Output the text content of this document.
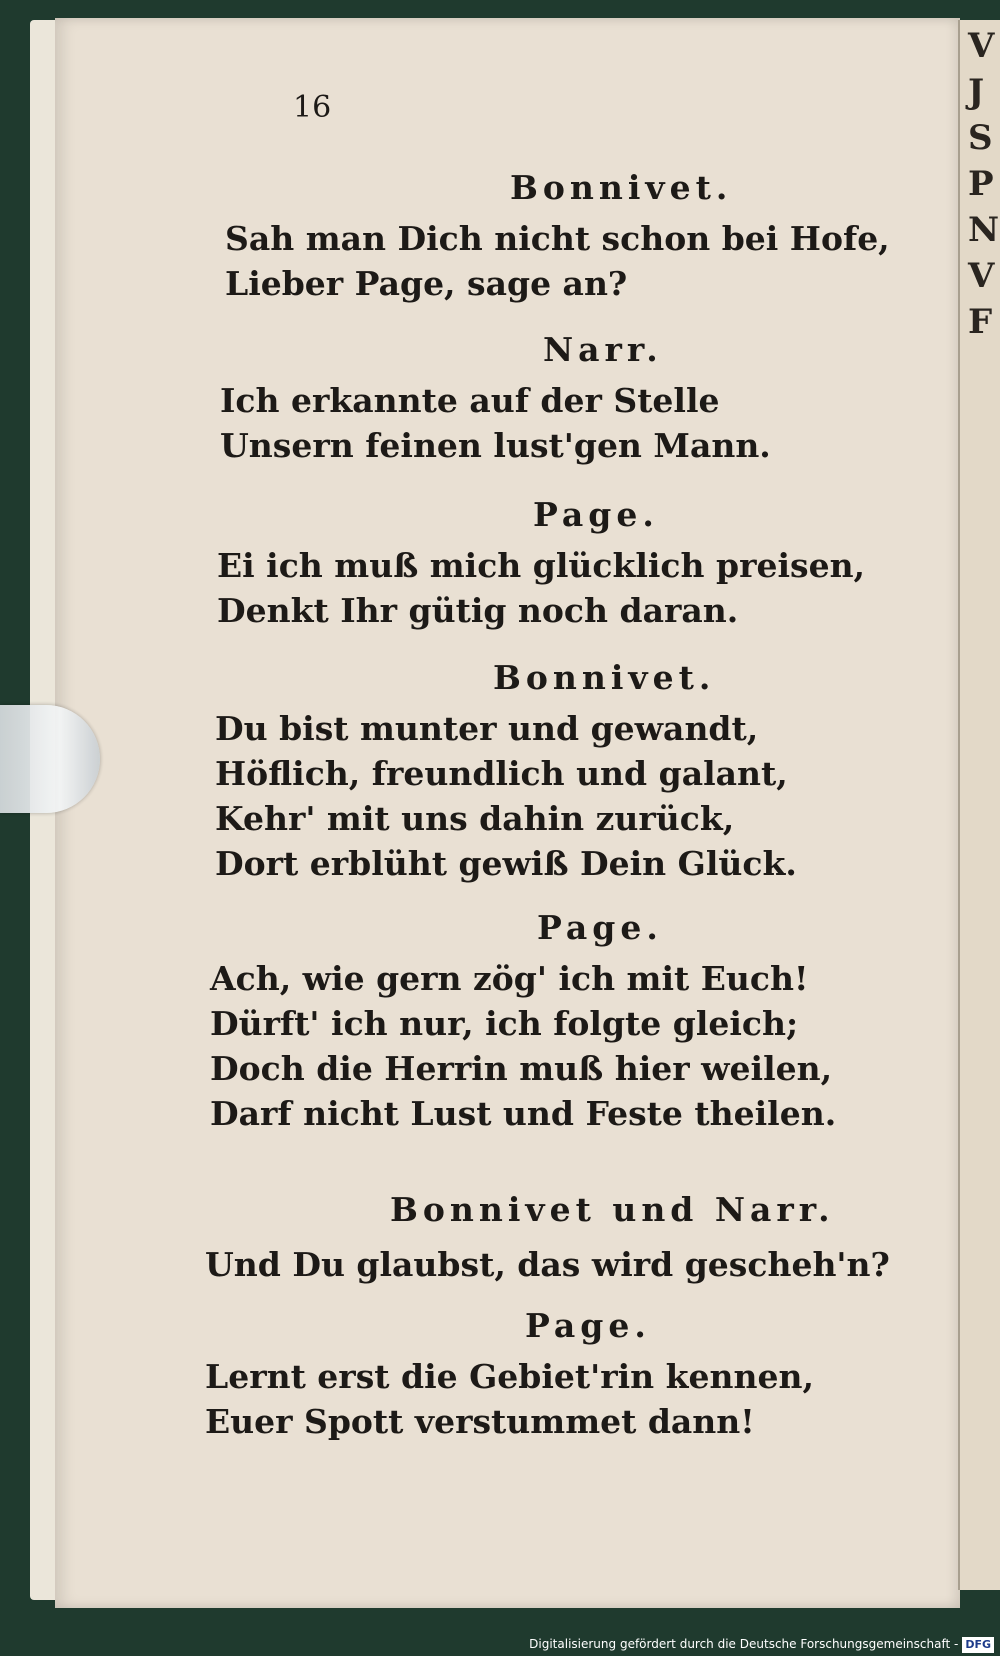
16
Bonnivet.
Sah man Dich nicht schon bei Hofe,
Lieber Page, sage an?
Narr.
Ich erkannte auf der Stelle
Unsern feinen lust'gen Mann.
Page.
Ei ich muß mich glücklich preisen,
Denkt Ihr gütig noch daran.
Bonnivet.
Du bist munter und gewandt,
Höflich, freundlich und galant,
Kehr' mit uns dahin zurück,
Dort erblüht gewiß Dein Glück.
Page.
Ach, wie gern zög' ich mit Euch!
Dürft' ich nur, ich folgte gleich;
Doch die Herrin muß hier weilen,
Darf nicht Lust und Feste theilen.
Bonnivet und Narr.
Und Du glaubst, das wird gescheh'n?
Page.
Lernt erst die Gebiet'rin kennen,
Euer Spott verstummet dann!
V
J
S
P
N
V
F
Digitalisierung gefördert durch die Deutsche Forschungsgemeinschaft - DFG
